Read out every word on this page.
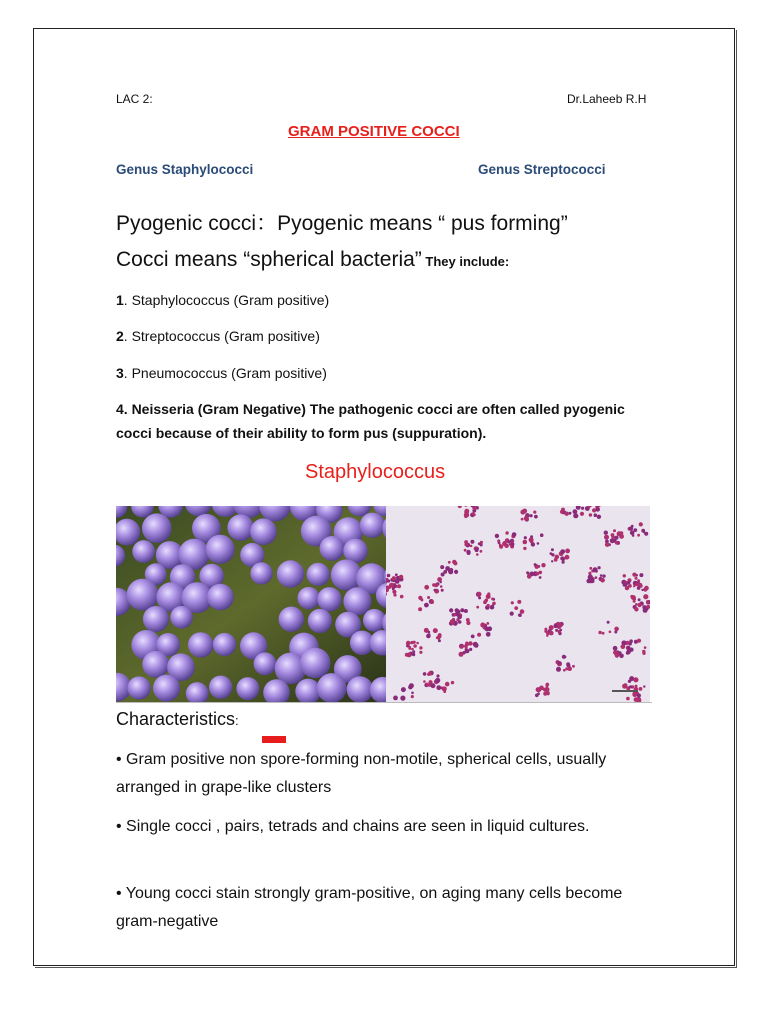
LAC 2:	Dr.Laheeb R.H
GRAM POSITIVE COCCI
Genus Staphylococci	Genus Streptococci
Pyogenic cocci：Pyogenic means “ pus forming”
Cocci means “spherical bacteria” They include:
1. Staphylococcus (Gram positive)
2. Streptococcus (Gram positive)
3. Pneumococcus (Gram positive)
4. Neisseria (Gram Negative) The pathogenic cocci are often called pyogenic cocci because of their ability to form pus (suppuration).
Staphylococcus
Characteristics:
• Gram positive non spore-forming non-motile, spherical cells, usually arranged in grape-like clusters
• Single cocci , pairs, tetrads and chains are seen in liquid cultures.
• Young cocci stain strongly gram-positive, on aging many cells become gram-negative
